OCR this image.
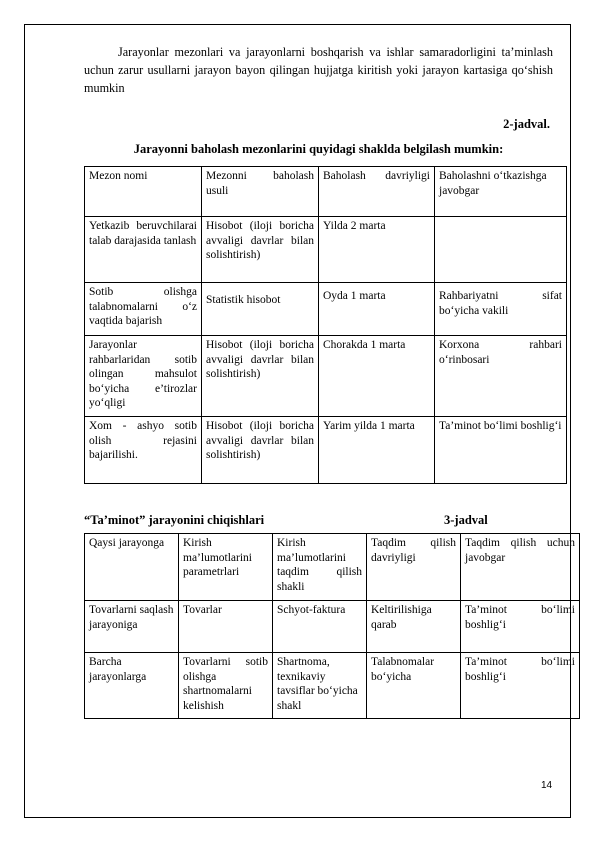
Jarayonlar mezonlari va jarayonlarni boshqarish va ishlar samaradorligini ta’minlash uchun zarur usullarni jarayon bayon qilingan hujjatga kiritish yoki jarayon kartasiga qo‘shish mumkin

2-jadval.

Jarayonni baholash mezonlarini quyidagi shaklda belgilash mumkin:

Mezon nomi	Mezonni baholash usuli	Baholash davriyligi	Baholashni o‘tkazishga javobgar
Yetkazib beruvchilarai talab darajasida tanlash	Hisobot (iloji boricha avvaligi davrlar bilan solishtirish)	Yilda 2 marta	
Sotib olishga talabnomalarni o‘z vaqtida bajarish	Statistik hisobot	Oyda 1 marta	Rahbariyatni sifat bo‘yicha vakili
Jarayonlar rahbarlaridan sotib olingan mahsulot bo‘yicha e’tirozlar yo‘qligi	Hisobot (iloji boricha avvaligi davrlar bilan solishtirish)	Chorakda 1 marta	Korxona rahbari o‘rinbosari
Xom - ashyo sotib olish rejasini bajarilishi.	Hisobot (iloji boricha avvaligi davrlar bilan solishtirish)	Yarim yilda 1 marta	Ta’minot bo‘limi boshlig‘i

“Ta’minot” jarayonini chiqishlari	3-jadval

Qaysi jarayonga	Kirish ma’lumotlarini parametrlari	Kirish ma’lumotlarini taqdim qilish shakli	Taqdim qilish davriyligi	Taqdim qilish uchun javobgar
Tovarlarni saqlash jarayoniga	Tovarlar	Schyot-faktura	Keltirilishiga qarab	Ta’minot bo‘limi boshlig‘i
Barcha jarayonlarga	Tovarlarni sotib olishga shartnomalarni kelishish	Shartnoma, texnikaviy tavsiflar bo‘yicha shakl	Talabnomalar bo‘yicha	Ta’minot bo‘limi boshlig‘i

14
